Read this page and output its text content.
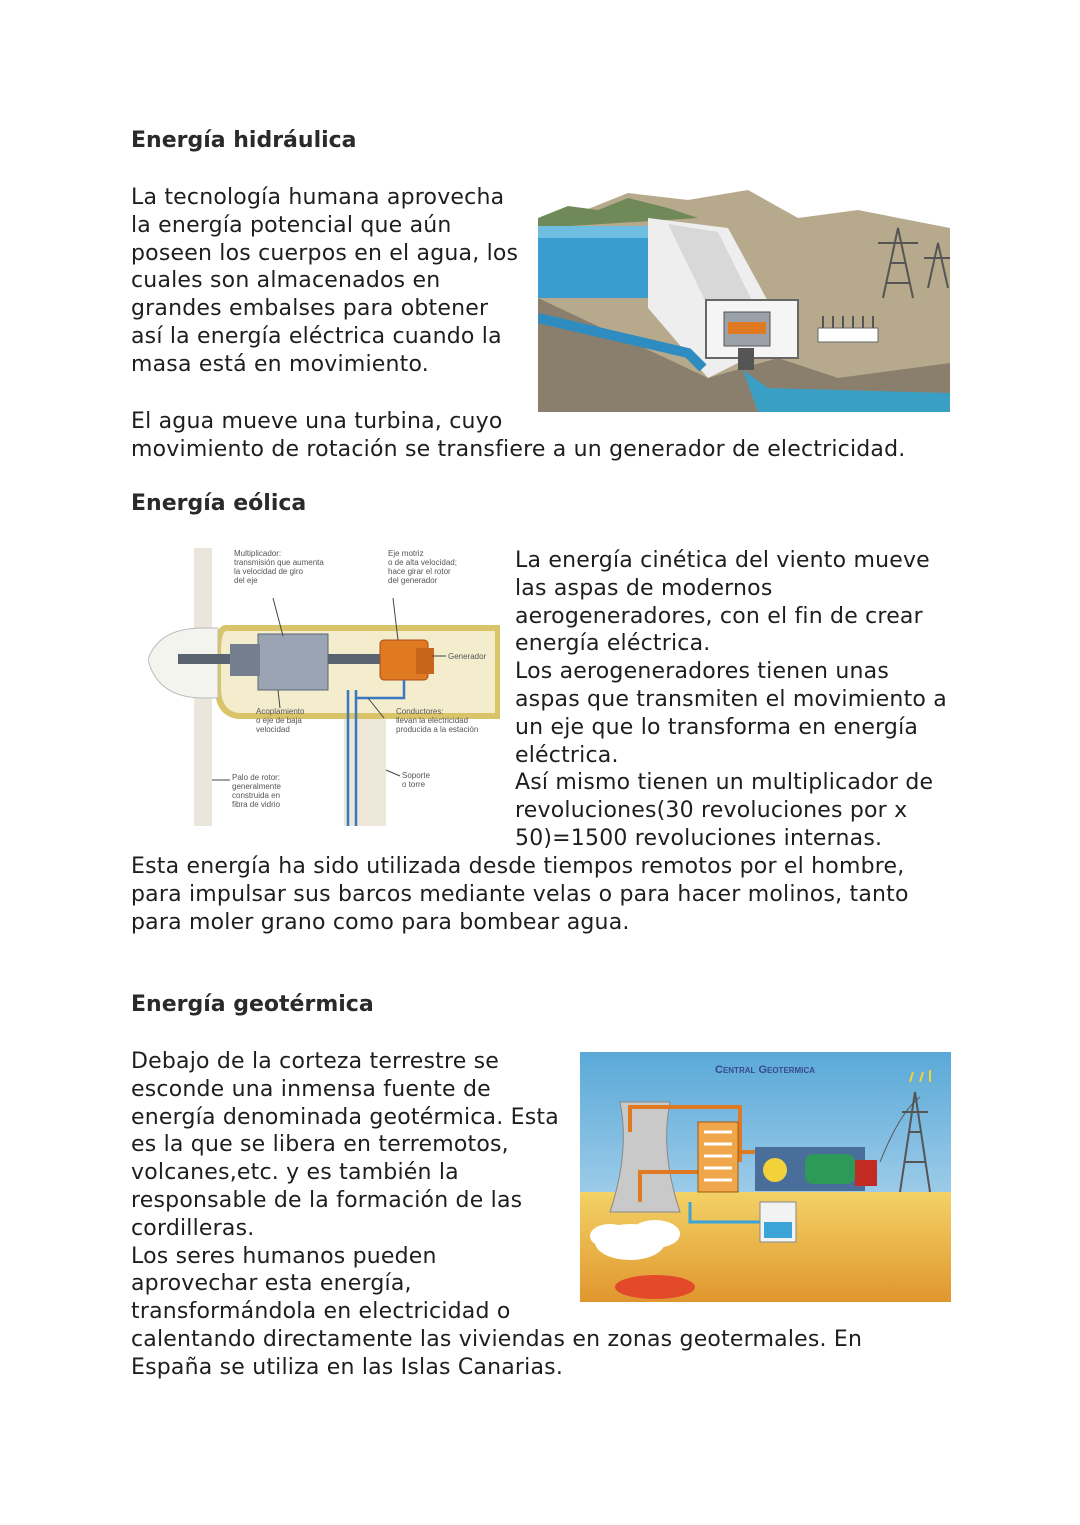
Energía hidráulica

La tecnología humana aprovecha
la energía potencial que aún
poseen los cuerpos en el agua, los
cuales son almacenados en
grandes embalses para obtener
así la energía eléctrica cuando la
masa está en movimiento.

El agua mueve una turbina, cuyo
movimiento de rotación se transfiere a un generador de electricidad.

Energía eólica
Multiplicador: transmisión que aumenta la velocidad de giro del eje
Eje motriz o de alta velocidad; hace girar el rotor del generador
Generador
Acoplamiento o eje de baja velocidad
Conductores: llevan la electricidad producida a la estación
Palo de rotor: generalmente construida en fibra de vidrio
Soporte o torre

La energía cinética del viento mueve
las aspas de modernos
aerogeneradores, con el fin de crear
energía eléctrica.
Los aerogeneradores tienen unas
aspas que transmiten el movimiento a
un eje que lo transforma en energía
eléctrica.
Así mismo tienen un multiplicador de
revoluciones(30 revoluciones por x
50)=1500 revoluciones internas.

Esta energía ha sido utilizada desde tiempos remotos por el hombre,
para impulsar sus barcos mediante velas o para hacer molinos, tanto
para moler grano como para bombear agua.

Energía geotérmica
Central Geotermica

Debajo de la corteza terrestre se
esconde una inmensa fuente de
energía denominada geotérmica. Esta
es la que se libera en terremotos,
volcanes,etc. y es también la
responsable de la formación de las
cordilleras.
Los seres humanos pueden
aprovechar esta energía,
transformándola en electricidad o
calentando directamente las viviendas en zonas geotermales. En
España se utiliza en las Islas Canarias.
